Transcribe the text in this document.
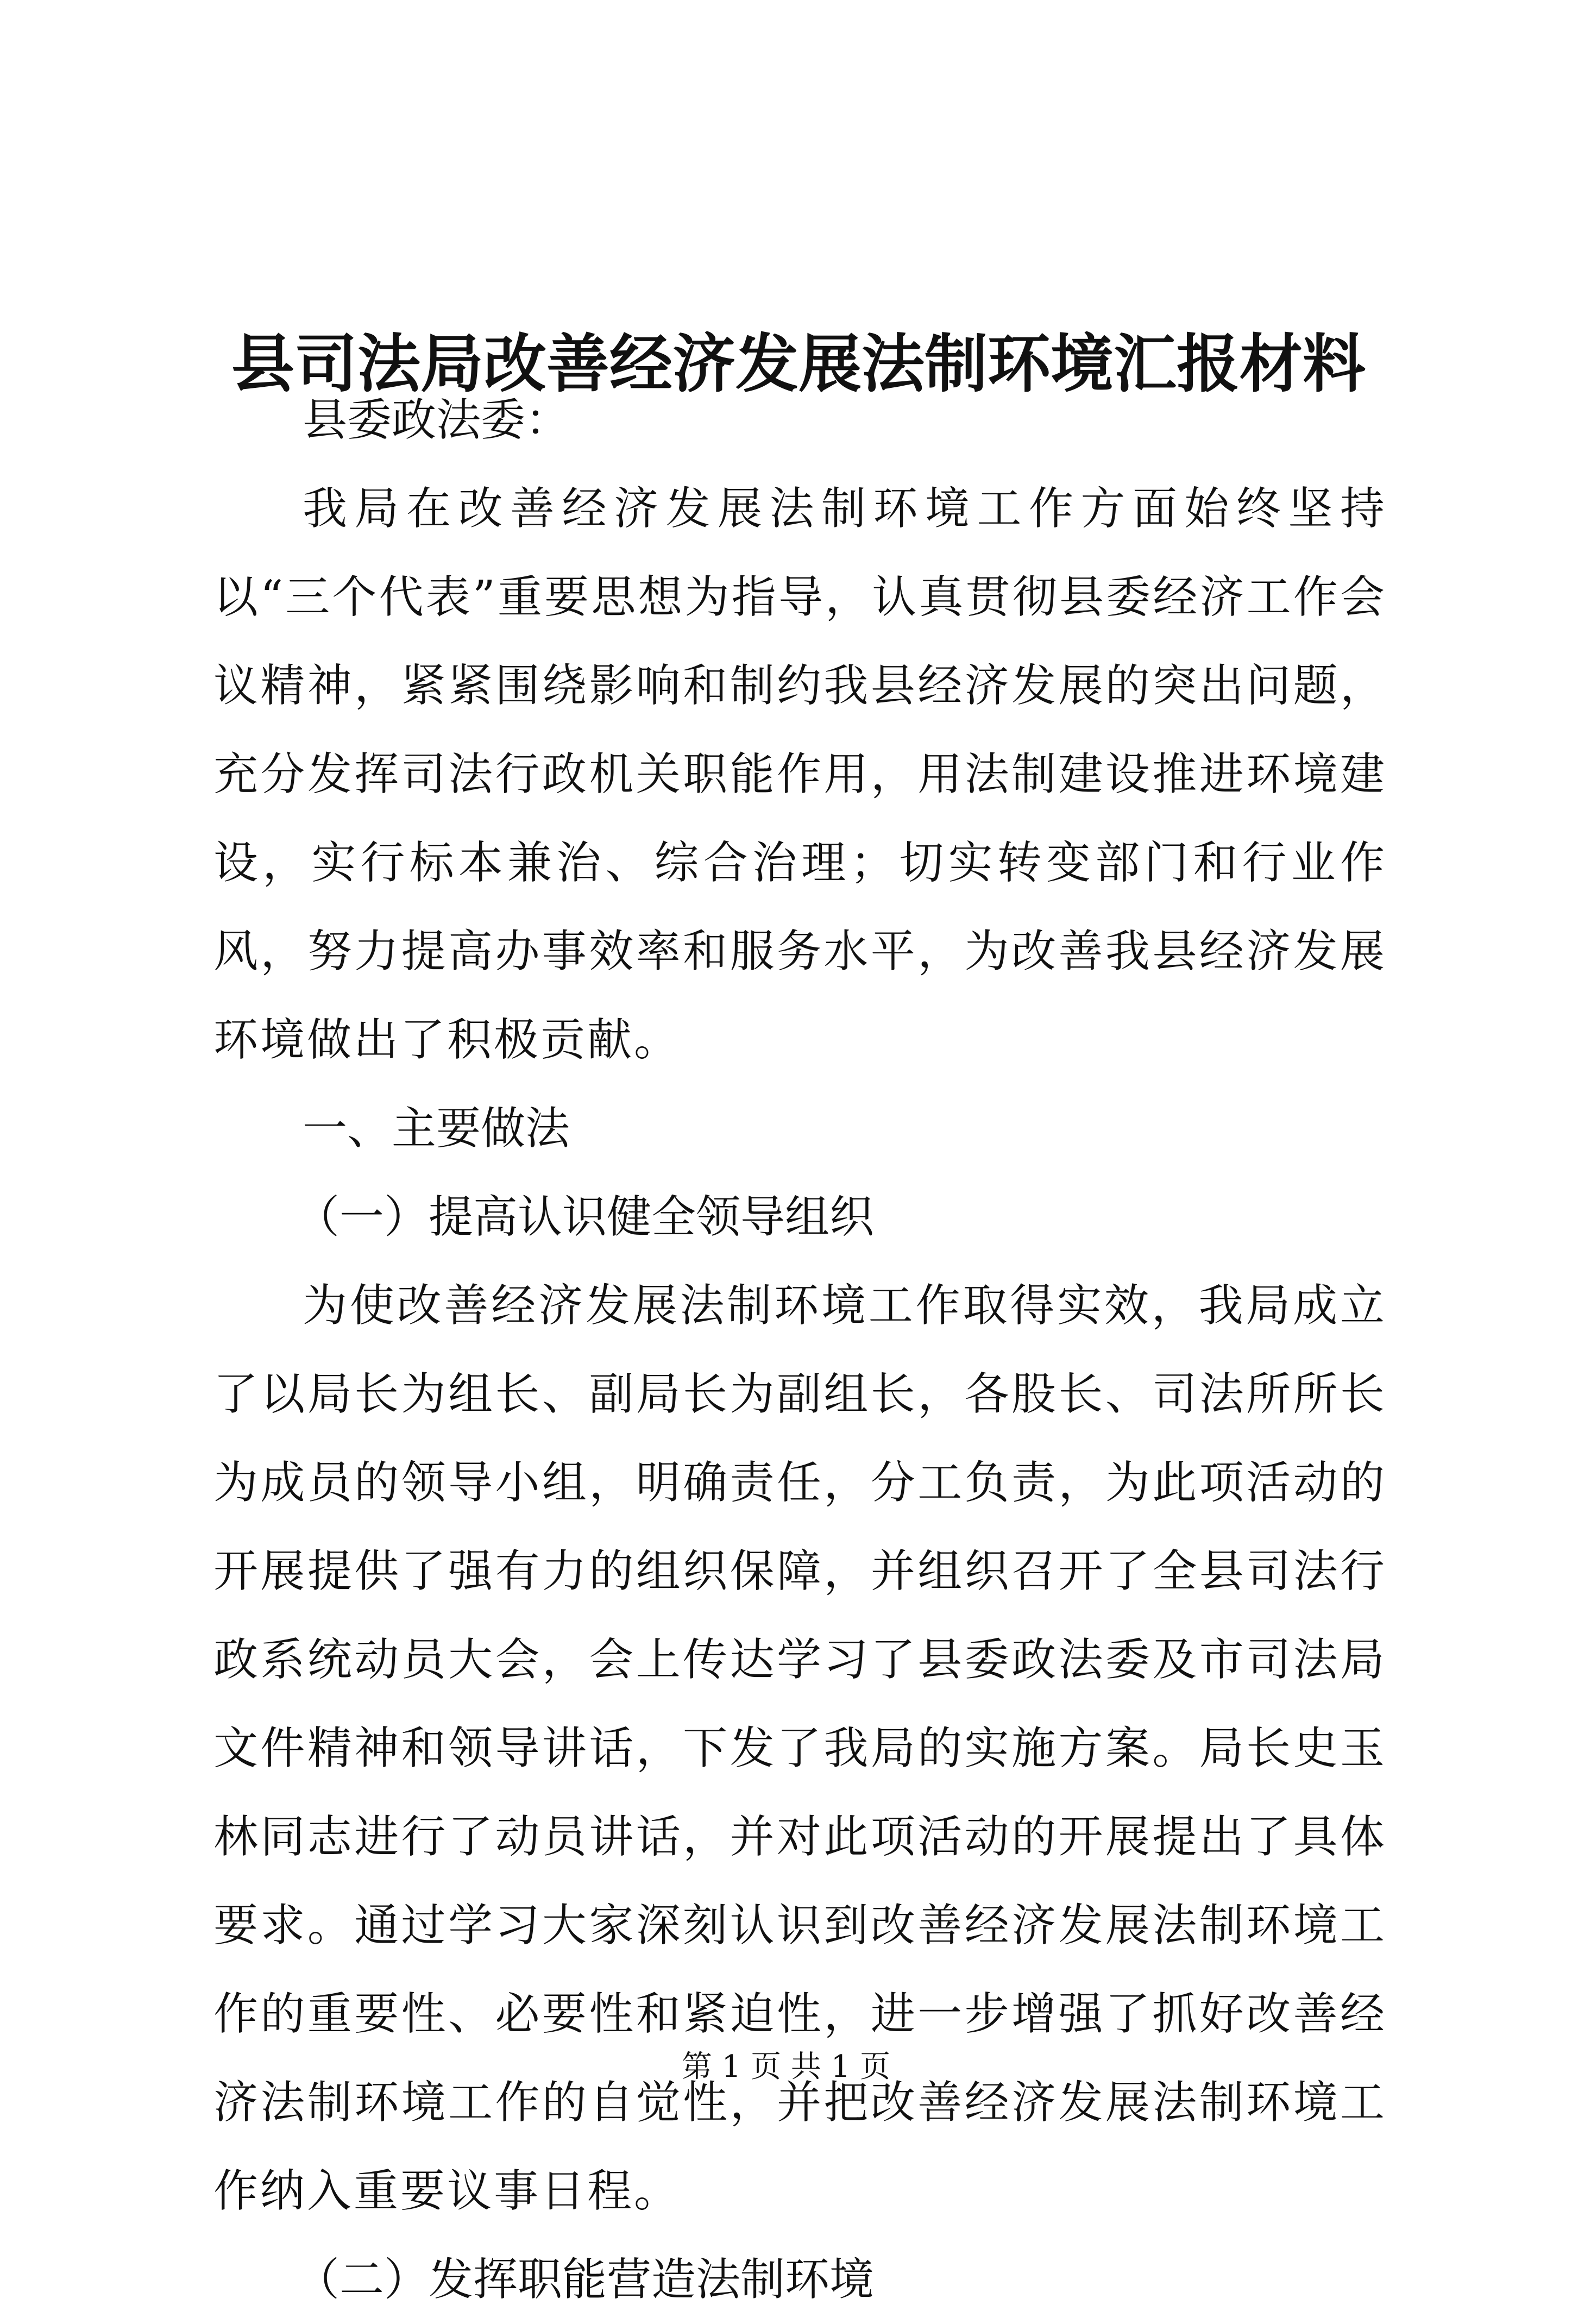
县司法局改善经济发展法制环境汇报材料

县委政法委：

我局在改善经济发展法制环境工作方面始终坚持以“三个代表”重要思想为指导，认真贯彻县委经济工作会议精神，紧紧围绕影响和制约我县经济发展的突出问题，充分发挥司法行政机关职能作用，用法制建设推进环境建设，实行标本兼治、综合治理；切实转变部门和行业作风，努力提高办事效率和服务水平，为改善我县经济发展环境做出了积极贡献。

一、主要做法

（一）提高认识健全领导组织

为使改善经济发展法制环境工作取得实效，我局成立了以局长为组长、副局长为副组长，各股长、司法所所长为成员的领导小组，明确责任，分工负责，为此项活动的开展提供了强有力的组织保障，并组织召开了全县司法行政系统动员大会，会上传达学习了县委政法委及市司法局文件精神和领导讲话，下发了我局的实施方案。局长史玉林同志进行了动员讲话，并对此项活动的开展提出了具体要求。通过学习大家深刻认识到改善经济发展法制环境工作的重要性、必要性和紧迫性，进一步增强了抓好改善经济法制环境工作的自觉性，并把改善经济发展法制环境工作纳入重要议事日程。

（二）发挥职能营造法制环境

第 1 页 共 1 页
